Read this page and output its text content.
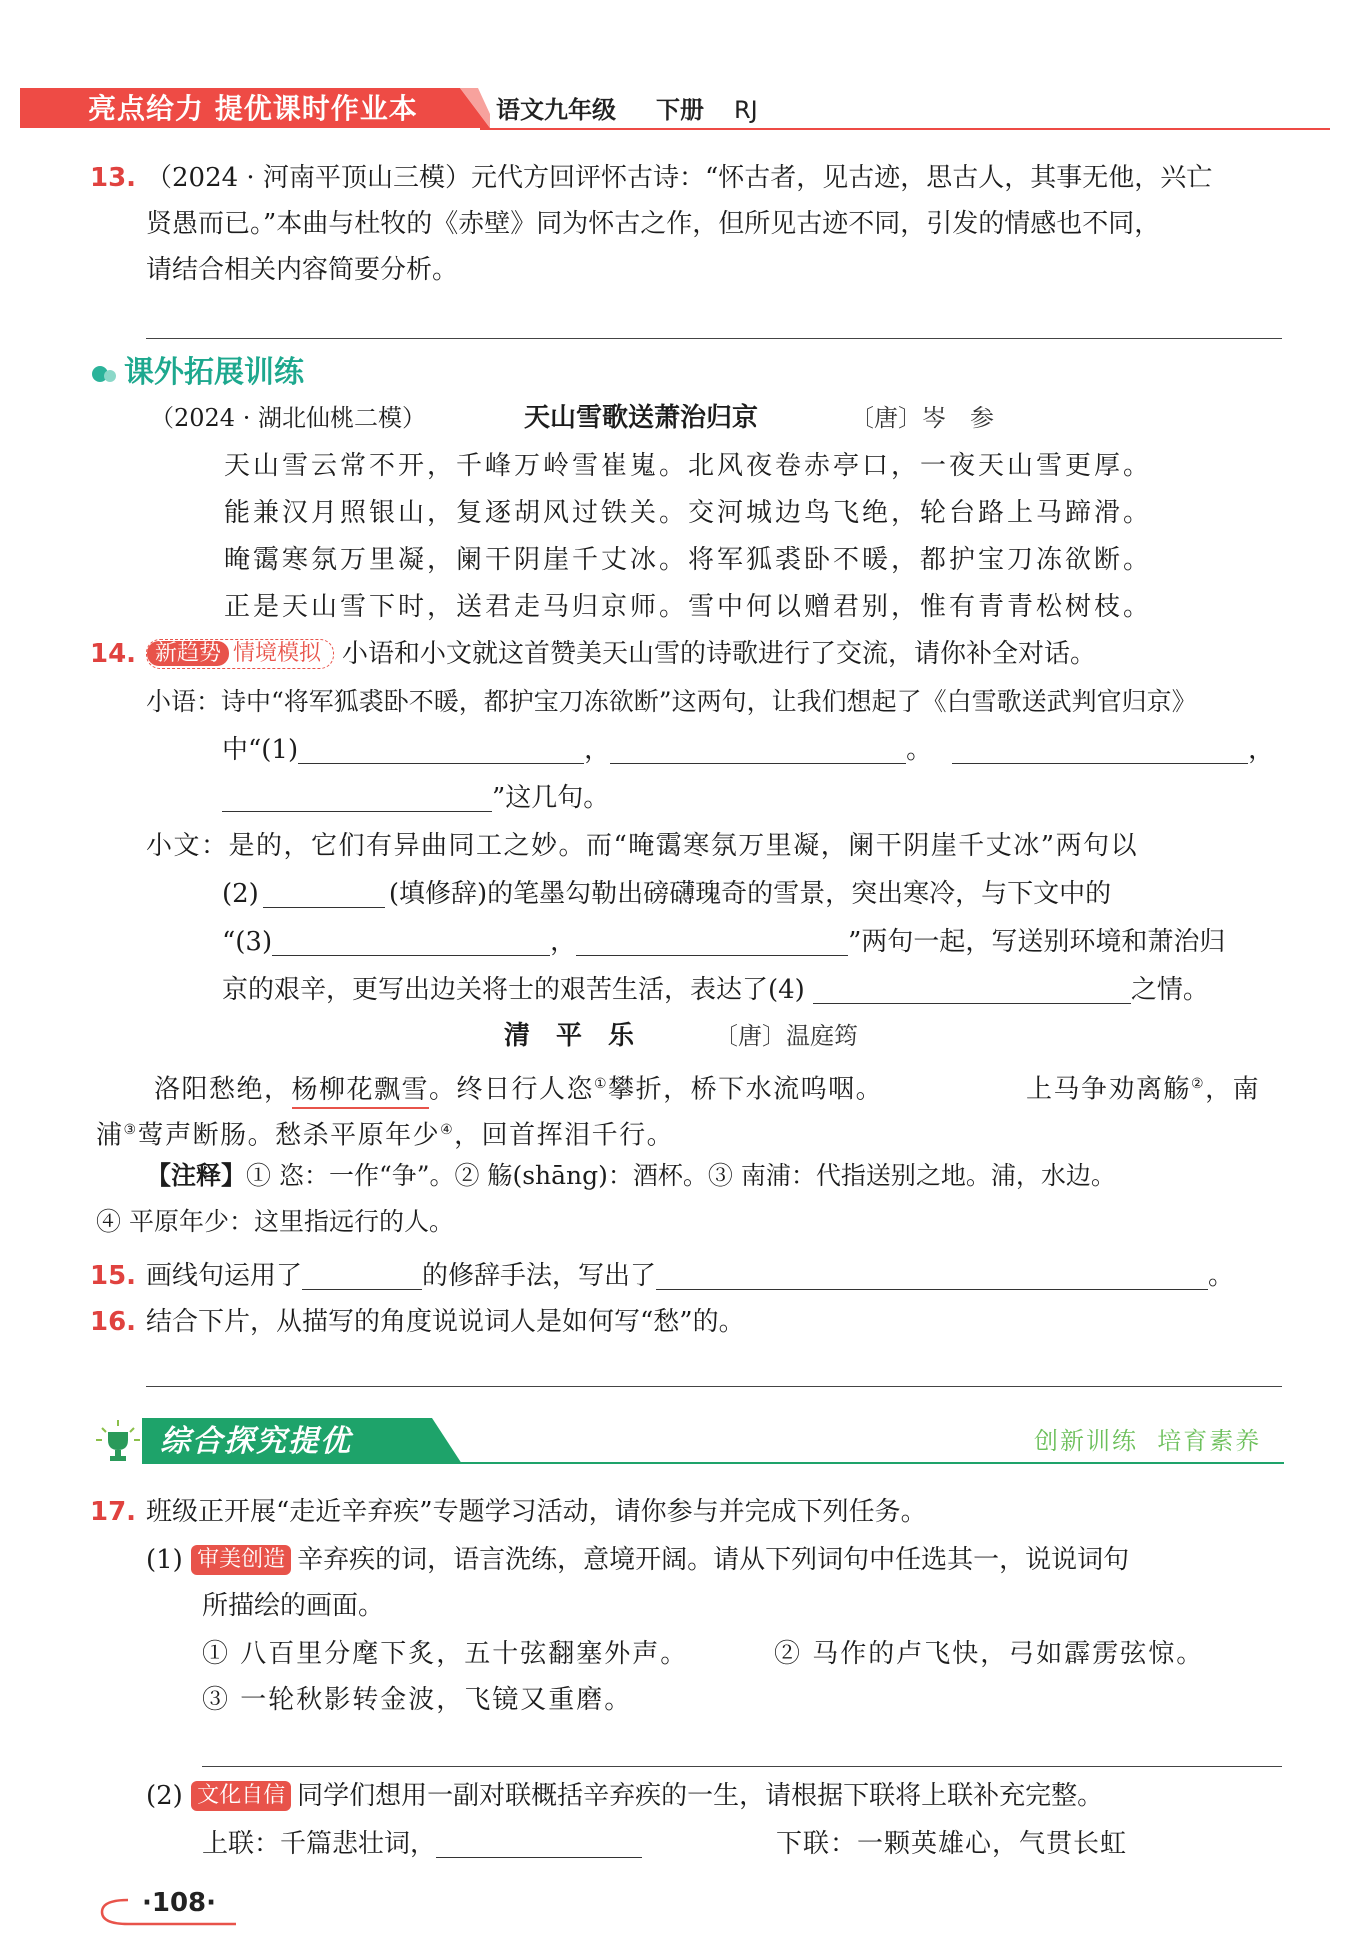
亮点给力 提优课时作业本	语文九年级 下册 RJ
13. （2024 · 河南平顶山三模）元代方回评怀古诗：“怀古者，见古迹，思古人，其事无他，兴亡
贤愚而已。”本曲与杜牧的《赤壁》同为怀古之作，但所见古迹不同，引发的情感也不同，
请结合相关内容简要分析。
课外拓展训练
（2024 · 湖北仙桃二模）	天山雪歌送萧治归京	〔唐〕岑　参
天山雪云常不开，千峰万岭雪崔嵬。北风夜卷赤亭口，一夜天山雪更厚。
能兼汉月照银山，复逐胡风过铁关。交河城边鸟飞绝，轮台路上马蹄滑。
晻霭寒氛万里凝，阑干阴崖千丈冰。将军狐裘卧不暖，都护宝刀冻欲断。
正是天山雪下时，送君走马归京师。雪中何以赠君别，惟有青青松树枝。
14. 新趋势 情境模拟 小语和小文就这首赞美天山雪的诗歌进行了交流，请你补全对话。
小语：诗中“将军狐裘卧不暖，都护宝刀冻欲断”这两句，让我们想起了《白雪歌送武判官归京》
中“(1)	，	。	，
”这几句。
小文：是的，它们有异曲同工之妙。而“晻霭寒氛万里凝，阑干阴崖千丈冰”两句以
(2)	(填修辞)的笔墨勾勒出磅礴瑰奇的雪景，突出寒冷，与下文中的
“(3)	，	”两句一起，写送别环境和萧治归
京的艰辛，更写出边关将士的艰苦生活，表达了(4)	之情。
清　平　乐	〔唐〕温庭筠
洛阳愁绝，杨柳花飘雪。终日行人恣①攀折，桥下水流呜咽。	上马争劝离觞②，南
浦③莺声断肠。愁杀平原年少④，回首挥泪千行。
【注释】① 恣：一作“争”。② 觞(shāng)：酒杯。③ 南浦：代指送别之地。浦，水边。
④ 平原年少：这里指远行的人。
15. 画线句运用了	的修辞手法，写出了	。
16. 结合下片，从描写的角度说说词人是如何写“愁”的。
综合探究提优	创新训练  培育素养
17. 班级正开展“走近辛弃疾”专题学习活动，请你参与并完成下列任务。
(1) 审美创造 辛弃疾的词，语言洗练，意境开阔。请从下列词句中任选其一，说说词句
所描绘的画面。
① 八百里分麾下炙，五十弦翻塞外声。	② 马作的卢飞快，弓如霹雳弦惊。
③ 一轮秋影转金波，飞镜又重磨。
(2) 文化自信 同学们想用一副对联概括辛弃疾的一生，请根据下联将上联补充完整。
上联：千篇悲壮词，	下联：一颗英雄心，气贯长虹
·108·
